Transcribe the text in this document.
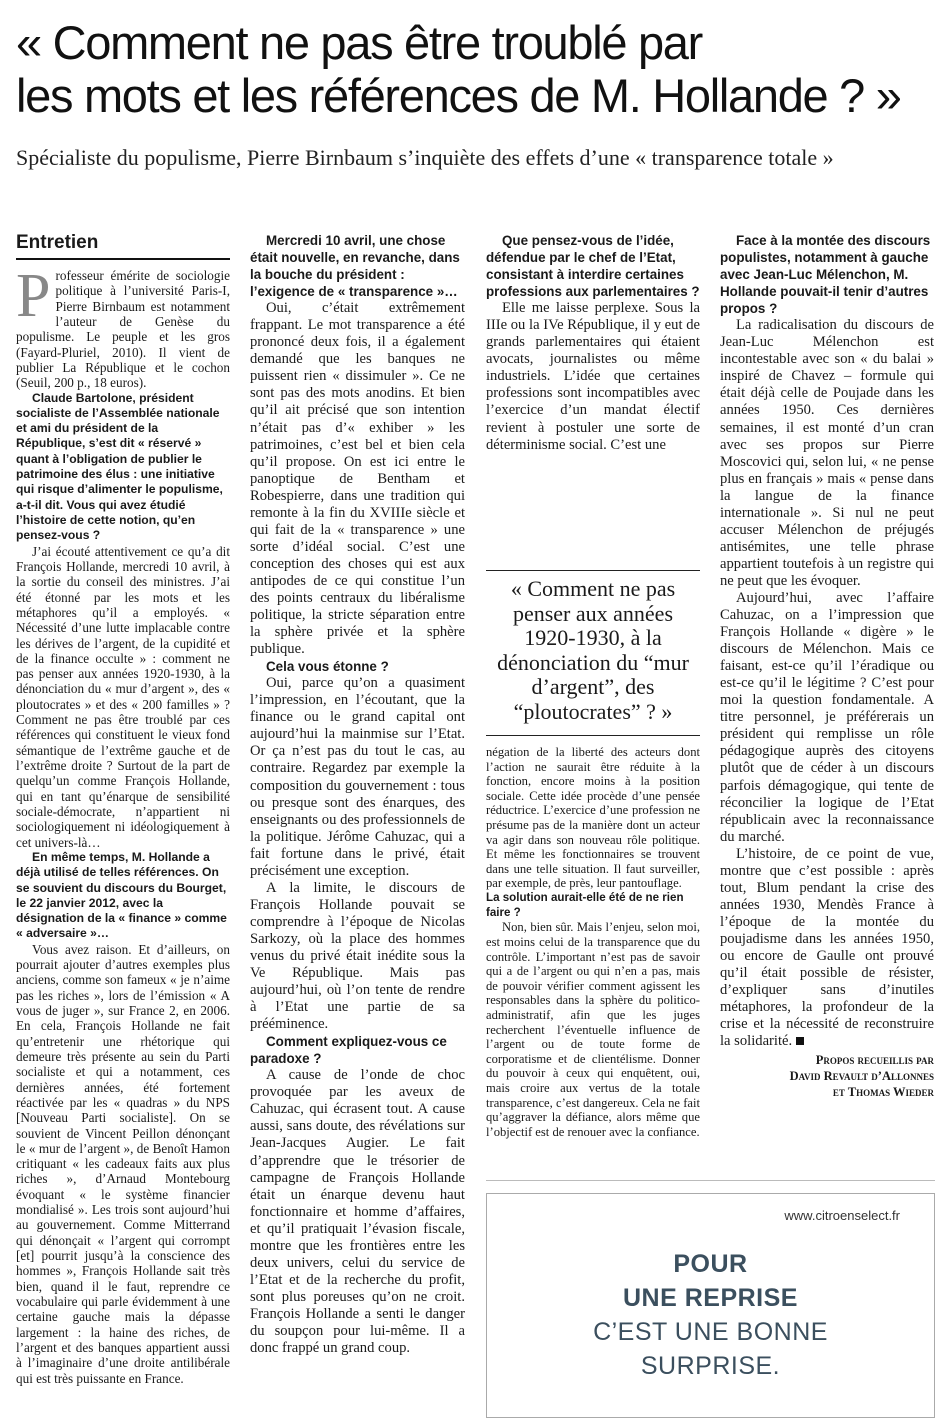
« Comment ne pas être troublé par
les mots et les références de M. Hollande ? »

Spécialiste du populisme, Pierre Birnbaum s’inquiète des effets d’une « transparence totale »

Entretien

Professeur émérite de sociologie politique à l’université Paris-I, Pierre Birnbaum est notamment l’auteur de Genèse du populisme. Le peuple et les gros (Fayard-Pluriel, 2010). Il vient de publier La République et le cochon (Seuil, 200 p., 18 euros).

Claude Bartolone, président socialiste de l’Assemblée nationale et ami du président de la République, s’est dit « réservé » quant à l’obligation de publier le patrimoine des élus : une initiative qui risque d’alimenter le populisme, a-t-il dit. Vous qui avez étudié l’histoire de cette notion, qu’en pensez-vous ?

J’ai écouté attentivement ce qu’a dit François Hollande, mercredi 10 avril, à la sortie du conseil des ministres. J’ai été étonné par les mots et les métaphores qu’il a employés. « Nécessité d’une lutte implacable contre les dérives de l’argent, de la cupidité et de la finance occulte » : comment ne pas penser aux années 1920-1930, à la dénonciation du « mur d’argent », des « ploutocrates » et des « 200 familles » ? Comment ne pas être troublé par ces références qui constituent le vieux fond sémantique de l’extrême gauche et de l’extrême droite ? Surtout de la part de quelqu’un comme François Hollande, qui en tant qu’énarque de sensibilité sociale-démocrate, n’appartient ni sociologiquement ni idéologiquement à cet univers-là…

En même temps, M. Hollande a déjà utilisé de telles références. On se souvient du discours du Bourget, le 22 janvier 2012, avec la désignation de la « finance » comme « adversaire »…

Vous avez raison. Et d’ailleurs, on pourrait ajouter d’autres exemples plus anciens, comme son fameux « je n’aime pas les riches », lors de l’émission « A vous de juger », sur France 2, en 2006. En cela, François Hollande ne fait qu’entretenir une rhétorique qui demeure très présente au sein du Parti socialiste et qui a notamment, ces dernières années, été fortement réactivée par les « quadras » du NPS [Nouveau Parti socialiste]. On se souvient de Vincent Peillon dénonçant le « mur de l’argent », de Benoît Hamon critiquant « les cadeaux faits aux plus riches », d’Arnaud Montebourg évoquant « le système financier mondialisé ». Les trois sont aujourd’hui au gouvernement. Comme Mitterrand qui dénonçait « l’argent qui corrompt [et] pourrit jusqu’à la conscience des hommes », François Hollande sait très bien, quand il le faut, reprendre ce vocabulaire qui parle évidemment à une certaine gauche mais la dépasse largement : la haine des riches, de l’argent et des banques appartient aussi à l’imaginaire d’une droite antilibérale qui est très puissante en France.

Mercredi 10 avril, une chose était nouvelle, en revanche, dans la bouche du président : l’exigence de « transparence »…

Oui, c’était extrêmement frappant. Le mot transparence a été prononcé deux fois, il a également demandé que les banques ne puissent rien « dissimuler ». Ce ne sont pas des mots anodins. Et bien qu’il ait précisé que son intention n’était pas d’« exhiber » les patrimoines, c’est bel et bien cela qu’il propose. On est ici entre le panoptique de Bentham et Robespierre, dans une tradition qui remonte à la fin du XVIIIe siècle et qui fait de la « transparence » une sorte d’idéal social. C’est une conception des choses qui est aux antipodes de ce qui constitue l’un des points centraux du libéralisme politique, la stricte séparation entre la sphère privée et la sphère publique.

Cela vous étonne ?

Oui, parce qu’on a quasiment l’impression, en l’écoutant, que la finance ou le grand capital ont aujourd’hui la mainmise sur l’Etat. Or ça n’est pas du tout le cas, au contraire. Regardez par exemple la composition du gouvernement : tous ou presque sont des énarques, des enseignants ou des professionnels de la politique. Jérôme Cahuzac, qui a fait fortune dans le privé, était précisément une exception.

A la limite, le discours de François Hollande pouvait se comprendre à l’époque de Nicolas Sarkozy, où la place des hommes venus du privé était inédite sous la Ve République. Mais pas aujourd’hui, où l’on tente de rendre à l’Etat une partie de sa prééminence.

Comment expliquez-vous ce paradoxe ?

A cause de l’onde de choc provoquée par les aveux de Cahuzac, qui écrasent tout. A cause aussi, sans doute, des révélations sur Jean-Jacques Augier. Le fait d’apprendre que le trésorier de campagne de François Hollande était un énarque devenu haut fonctionnaire et homme d’affaires, et qu’il pratiquait l’évasion fiscale, montre que les frontières entre les deux univers, celui du service de l’Etat et de la recherche du profit, sont plus poreuses qu’on ne croit. François Hollande a senti le danger du soupçon pour lui-même. Il a donc frappé un grand coup.

Que pensez-vous de l’idée, défendue par le chef de l’Etat, consistant à interdire certaines professions aux parlementaires ?

Elle me laisse perplexe. Sous la IIIe ou la IVe République, il y eut de grands parlementaires qui étaient avocats, journalistes ou même industriels. L’idée que certaines professions sont incompatibles avec l’exercice d’un mandat électif revient à postuler une sorte de déterminisme social. C’est une

« Comment ne pas penser aux années 1920-1930, à la dénonciation du “mur d’argent”, des “ploutocrates” ? »

négation de la liberté des acteurs dont l’action ne saurait être réduite à la fonction, encore moins à la position sociale. Cette idée procède d’une pensée réductrice. L’exercice d’une profession ne présume pas de la manière dont un acteur va agir dans son nouveau rôle politique. Et même les fonctionnaires se trouvent dans une telle situation. Il faut surveiller, par exemple, de près, leur pantouflage.

La solution aurait-elle été de ne rien faire ?

Non, bien sûr. Mais l’enjeu, selon moi, est moins celui de la transparence que du contrôle. L’important n’est pas de savoir qui a de l’argent ou qui n’en a pas, mais de pouvoir vérifier comment agissent les responsables dans la sphère du politico-administratif, afin que les juges recherchent l’éventuelle influence de l’argent ou de toute forme de corporatisme et de clientélisme. Donner du pouvoir à ceux qui enquêtent, oui, mais croire aux vertus de la totale transparence, c’est dangereux. Cela ne fait qu’aggraver la défiance, alors même que l’objectif est de renouer avec la confiance.

Face à la montée des discours populistes, notamment à gauche avec Jean-Luc Mélenchon, M. Hollande pouvait-il tenir d’autres propos ?

La radicalisation du discours de Jean-Luc Mélenchon est incontestable avec son « du balai » inspiré de Chavez – formule qui était déjà celle de Poujade dans les années 1950. Ces dernières semaines, il est monté d’un cran avec ses propos sur Pierre Moscovici qui, selon lui, « ne pense plus en français » mais « pense dans la langue de la finance internationale ». Si nul ne peut accuser Mélenchon de préjugés antisémites, une telle phrase appartient toutefois à un registre qui ne peut que les évoquer.

Aujourd’hui, avec l’affaire Cahuzac, on a l’impression que François Hollande « digère » le discours de Mélenchon. Mais ce faisant, est-ce qu’il l’éradique ou est-ce qu’il le légitime ? C’est pour moi la question fondamentale. A titre personnel, je préférerais un président qui remplisse un rôle pédagogique auprès des citoyens plutôt que de céder à un discours parfois démagogique, qui tente de réconcilier la logique de l’Etat républicain avec la reconnaissance du marché.

L’histoire, de ce point de vue, montre que c’est possible : après tout, Blum pendant la crise des années 1930, Mendès France à l’époque de la montée du poujadisme dans les années 1950, ou encore de Gaulle ont prouvé qu’il était possible de résister, d’expliquer sans d’inutiles métaphores, la profondeur de la crise et la nécessité de reconstruire la solidarité.

Propos recueillis par
David Revault d’Allonnes
et Thomas Wieder

www.citroenselect.fr
POUR
UNE REPRISE
C’EST UNE BONNE
SURPRISE.
